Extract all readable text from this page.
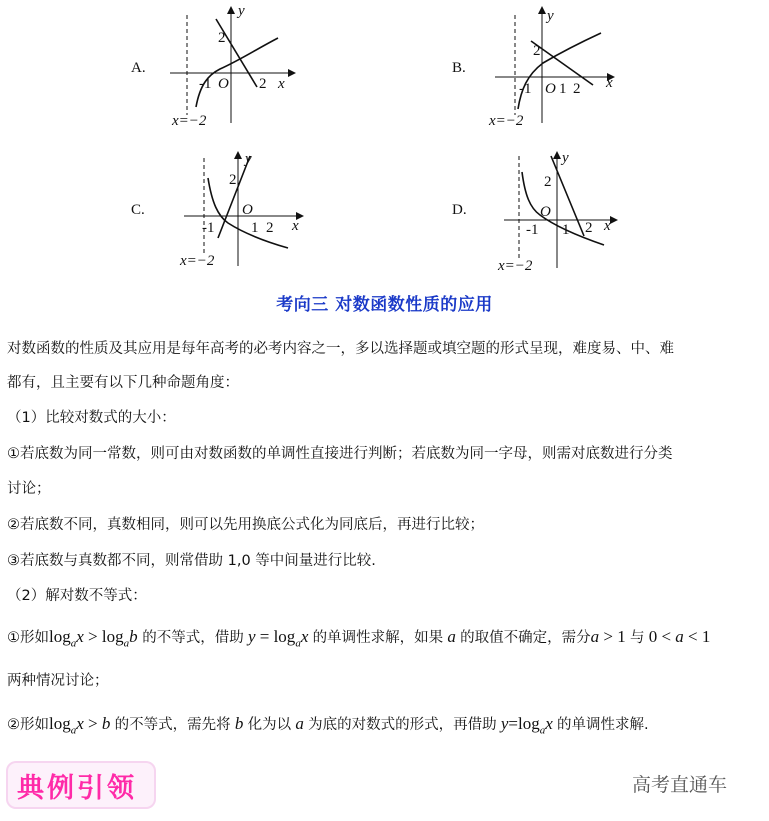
A.
y
2
-1 O 2 x
x=−2
B.
y
2
-1 O 1 2 x
x=−2
C.
y
2
-1
O
1 2 x
x=−2
D.
y
2
-1
O
1 2 x
x=−2
考向三 对数函数性质的应用
对数函数的性质及其应用是每年高考的必考内容之一，多以选择题或填空题的形式呈现，难度易、中、难
都有，且主要有以下几种命题角度：
（1）比较对数式的大小：
①若底数为同一常数，则可由对数函数的单调性直接进行判断；若底数为同一字母，则需对底数进行分类
讨论；
②若底数不同，真数相同，则可以先用换底公式化为同底后，再进行比较；
③若底数与真数都不同，则常借助 1,0 等中间量进行比较.
（2）解对数不等式：
①形如$\log_ax > \log_ab$ 的不等式，借助 $y = \log_ax$ 的单调性求解，如果 a 的取值不确定，需分a > 1 与 0 < a < 1
两种情况讨论；
②形如$\log_ax > b$ 的不等式，需先将 b 化为以 a 为底的对数式的形式，再借助 $y=\log_ax$ 的单调性求解.
典例引领	高考直通车
